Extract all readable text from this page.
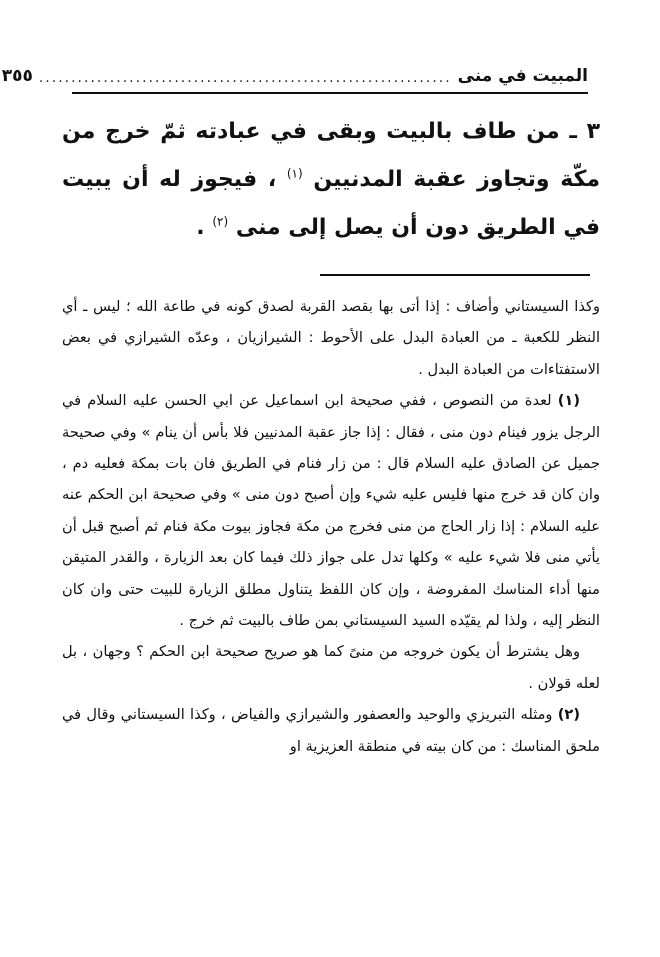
المبيت في منى
................................................................
٣٥٥

٣ ـ من طاف بالبيت وبقى في عبادته ثمّ خرج من مكّة وتجاوز عقبة المدنيين $^{(١)}$ ، فيجوز له أن يبيت في الطريق دون أن يصل إلى منى $^{(٢)}$ .

وكذا السيستاني وأضاف : إذا أتى بها بقصد القربة لصدق كونه في طاعة الله ؛ ليس ـ أي النظر للكعبة ـ من العبادة البدل على الأحوط : الشيرازيان ، وعدّه الشيرازي في بعض الاستفتاءات من العبادة البدل .

(١) لعدة من النصوص ، ففي صحيحة ابن اسماعيل عن ابي الحسن عليه السلام في الرجل يزور فينام دون منى ، فقال : إذا جاز عقبة المدنيين فلا بأس أن ينام » وفي صحيحة جميل عن الصادق عليه السلام قال : من زار فنام في الطريق فان بات بمكة فعليه دم ، وان كان قد خرج منها فليس عليه شيء وإن أصبح دون منى » وفي صحيحة ابن الحكم عنه عليه السلام : إذا زار الحاج من منى فخرج من مكة فجاوز بيوت مكة فنام ثم أصبح قبل أن يأتي منى فلا شيء عليه » وكلها تدل على جواز ذلك فيما كان بعد الزيارة ، والقدر المتيقن منها أداء المناسك المفروضة ، وإن كان اللفظ يتناول مطلق الزيارة للبيت حتى وان كان النظر إليه ، ولذا لم يقيّده السيد السيستاني بمن طاف بالبيت ثم خرج .

وهل يشترط أن يكون خروجه من منىً كما هو صريح صحيحة ابن الحكم ؟ وجهان ، بل لعله قولان .

(٢) ومثله التبريزي والوحيد والعصفور والشيرازي والفياض ، وكذا السيستاني وقال في ملحق المناسك : من كان بيته في منطقة العزيزية او
